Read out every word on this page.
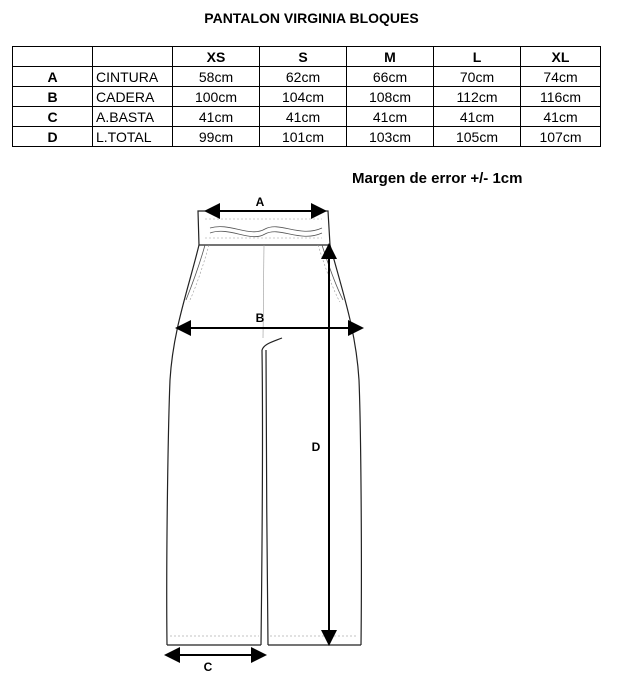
PANTALON VIRGINIA BLOQUES
		XS	S	M	L	XL
A	CINTURA	58cm	62cm	66cm	70cm	74cm
B	CADERA	100cm	104cm	108cm	112cm	116cm
C	A.BASTA	41cm	41cm	41cm	41cm	41cm
D	L.TOTAL	99cm	101cm	103cm	105cm	107cm
Margen de error +/- 1cm
A
B
C
D
